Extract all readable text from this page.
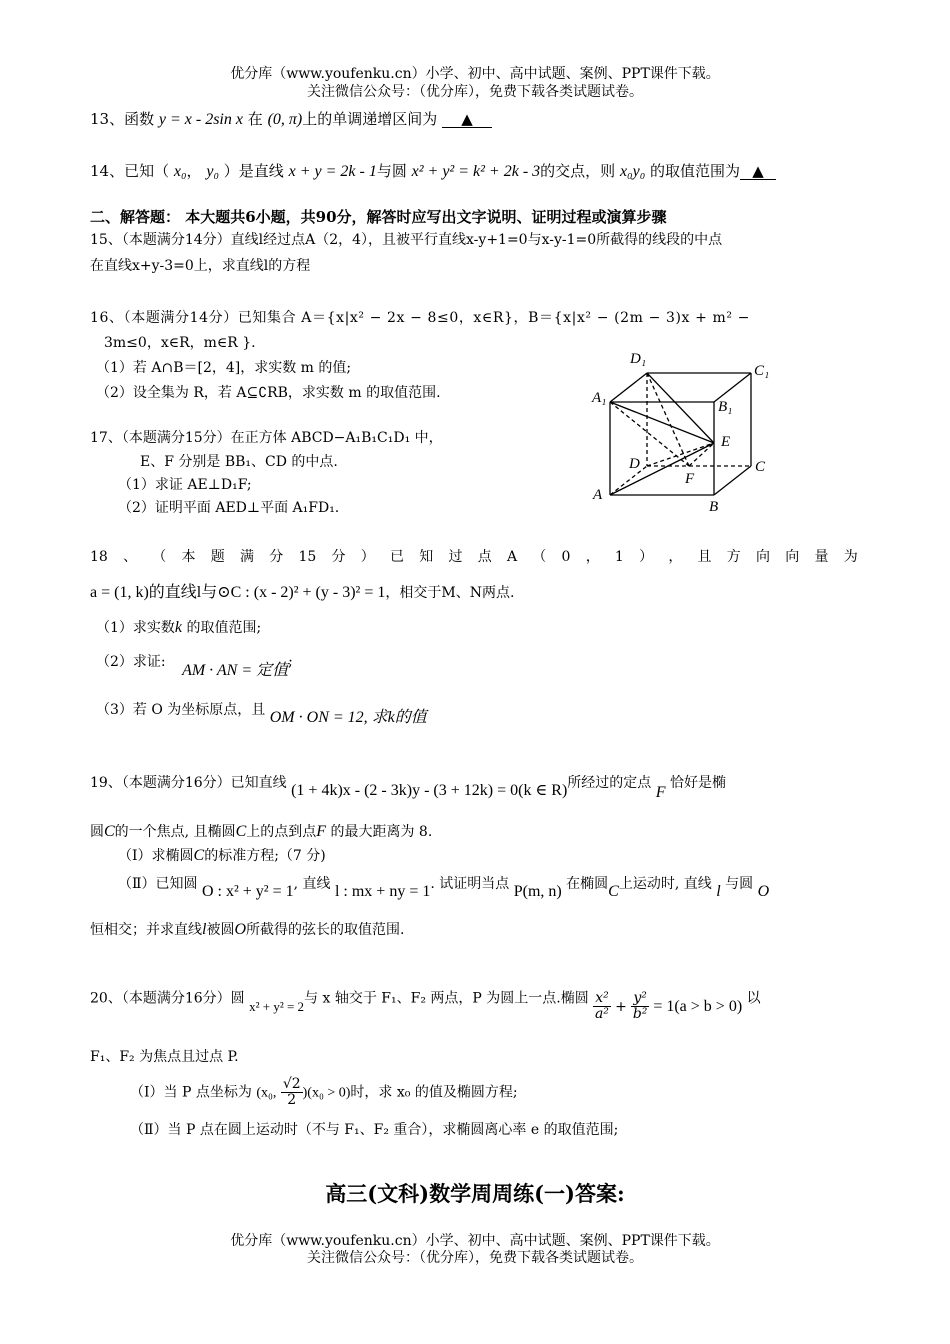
优分库（www.youfenku.cn）小学、初中、高中试题、案例、PPT课件下载。
关注微信公众号：（优分库），免费下载各类试题试卷。
13、函数 y = x - 2sin x 在 (0, π)上的单调递增区间为 ▲
14、已知（ x₀， y₀ ）是直线 x + y = 2k - 1与圆 x² + y² = k² + 2k - 3的交点，则 x₀y₀ 的取值范围为 ▲
二、解答题： 本大题共6小题，共90分，解答时应写出文字说明、证明过程或演算步骤
15、（本题满分14分）直线l经过点A（2，4），且被平行直线x-y+1=0与x-y-1=0所截得的线段的中点
在直线x+y-3=0上，求直线l的方程
16、（本题满分14分）已知集合 A＝{x|x² − 2x − 8≤0，x∈R}，B＝{x|x² − (2m − 3)x + m² −
3m≤0，x∈R，m∈R }.
（1）若 A∩B＝[2，4]，求实数 m 的值;
（2）设全集为 R，若 A⊆∁RB，求实数 m 的取值范围.
17、（本题满分15分）在正方体 ABCD−A₁B₁C₁D₁ 中，
E、F 分别是 BB₁、CD 的中点.
（1）求证 AE⊥D₁F;
（2）证明平面 AED⊥平面 A₁FD₁.
D₁
C₁
A₁
B₁
E
D	C
F
A
B
18 、 （ 本 题 满 分 15 分 ） 已 知 过 点 A （ 0 ， 1 ） ， 且 方 向 向 量 为
a = (1, k)的直线l与⊙C : (x - 2)² + (y - 3)² = 1，相交于M、N两点.
（1）求实数k 的取值范围;
（2）求证: AM · AN = 定值;
（3）若 O 为坐标原点，且 OM · ON = 12, 求k的值
19、（本题满分16分）已知直线 (1 + 4k)x - (2 - 3k)y - (3 + 12k) = 0(k ∈ R)所经过的定点 F 恰好是椭
圆C的一个焦点, 且椭圆C上的点到点F 的最大距离为 8.
（Ⅰ）求椭圆C的标准方程;（7 分)
（Ⅱ）已知圆 O : x² + y² = 1, 直线 l : mx + ny = 1. 试证明当点 P(m, n) 在椭圆C上运动时, 直线 l 与圆 O
恒相交；并求直线l被圆O所截得的弦长的取值范围.
20、（本题满分16分）圆 x² + y² = 2与 x 轴交于 F₁、F₂ 两点，P 为圆上一点.椭圆 $\frac{\text{x²}}{\text{a²}} + \frac{\text{y²}}{\text{b²}} = 1(a > b > 0)$ 以
F₁、F₂ 为焦点且过点 P.
（Ⅰ）当 P 点坐标为 (x₀, $\frac{√2}{2} )(x_0 > 0)$时，求 x₀ 的值及椭圆方程;
（Ⅱ）当 P 点在圆上运动时（不与 F₁、F₂ 重合），求椭圆离心率 e 的取值范围;
高三(文科)数学周周练(一)答案:
优分库（www.youfenku.cn）小学、初中、高中试题、案例、PPT课件下载。
关注微信公众号：（优分库），免费下载各类试题试卷。
